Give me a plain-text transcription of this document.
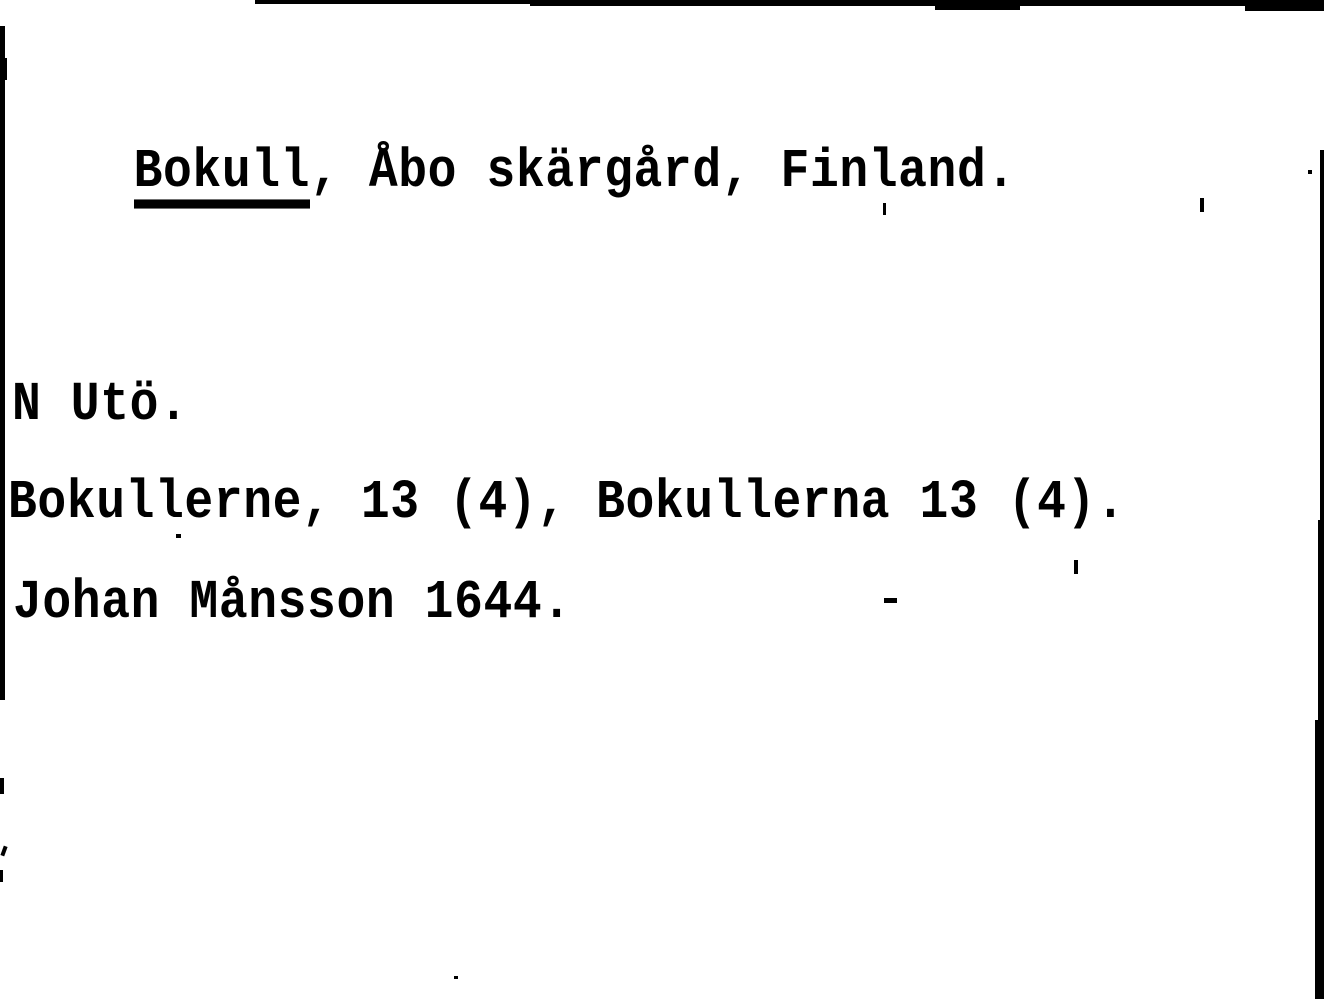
Bokull, Åbo skärgård, Finland.

N Utö.
Bokullerne, 13 (4), Bokullerna 13 (4).
Johan Månsson 1644.
